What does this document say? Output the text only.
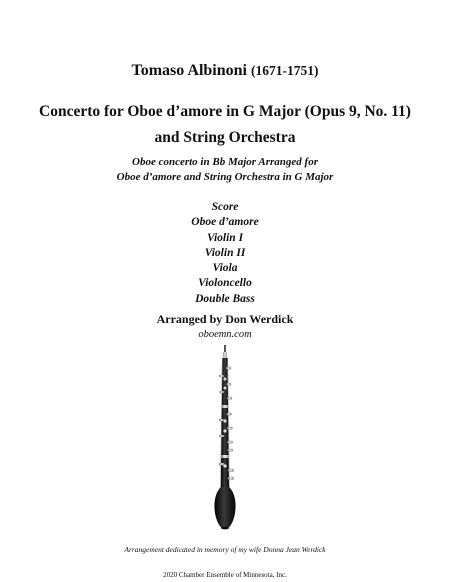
Tomaso Albinoni (1671-1751)
Concerto for Oboe d’amore in G Major (Opus 9, No. 11)
and String Orchestra
Oboe concerto in Bb Major Arranged for
Oboe d’amore and String Orchestra in G Major
Score
Oboe d’amore
Violin I
Violin II
Viola
Violoncello
Double Bass
Arranged by Don Werdick
oboemn.com
Arrangement dedicated in memory of my wife Donna Jean Werdick
2020 Chamber Ensemble of Minnesota, Inc.
